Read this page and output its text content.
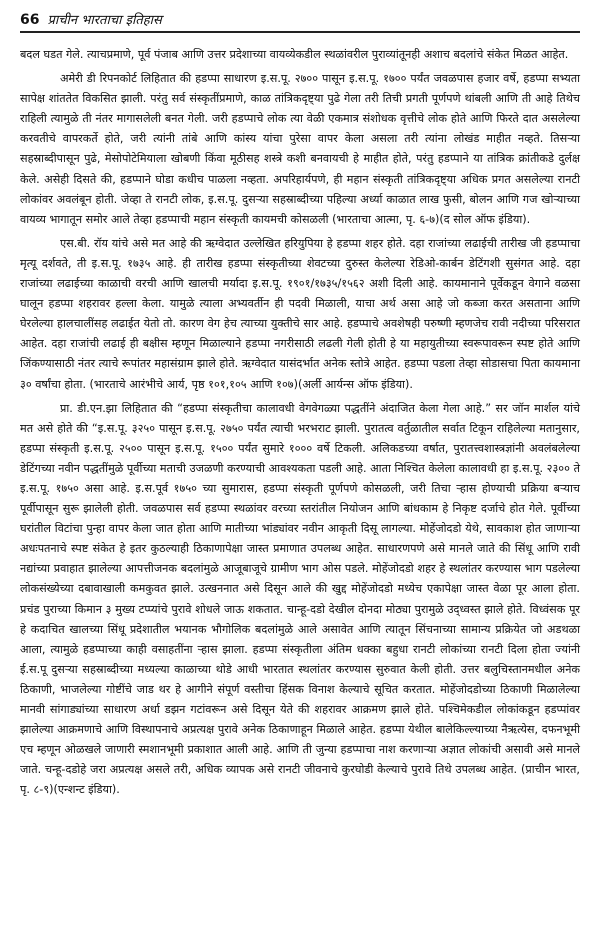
66 प्राचीन भारताचा इतिहास

बदल घडत गेले. त्याचप्रमाणे, पूर्व पंजाब आणि उत्तर प्रदेशाच्या वायव्येकडील स्थळांवरील पुराव्यांतूनही अशाच बदलांचे संकेत मिळत आहेत.

अमेरी डी रिपनकोर्ट लिहितात की हडप्पा साधारण इ.स.पू. २७०० पासून इ.स.पू. १७०० पर्यंत जवळपास हजार वर्षे, हडप्पा सभ्यता सापेक्ष शांततेत विकसित झाली. परंतु सर्व संस्कृतींप्रमाणे, काळ तांत्रिकदृष्ट्या पुढे गेला तरी तिची प्रगती पूर्णपणे थांबली आणि ती आहे तिथेच राहिली त्यामुळे ती नंतर मागासलेली बनत गेली. जरी हडप्पाचे लोक त्या वेळी एकमात्र संशोधक वृत्तीचे लोक होते आणि फिरते दात असलेल्या करवतीचे वापरकर्ते होते, जरी त्यांनी तांबे आणि कांस्य यांचा पुरेसा वापर केला असला तरी त्यांना लोखंड माहीत नव्हते. तिसऱ्या सहस्राब्दीपासून पुढे, मेसोपोटेमियाला खोबणी किंवा मूठीसह शस्त्रे कशी बनवायची हे माहीत होते, परंतु हडप्पाने या तांत्रिक क्रांतीकडे दुर्लक्ष केले. असेही दिसते की, हडप्पाने घोडा कधीच पाळला नव्हता. अपरिहार्यपणे, ही महान संस्कृती तांत्रिकदृष्ट्या अधिक प्रगत असलेल्या रानटी लोकांवर अवलंबून होती. जेव्हा ते रानटी लोक, इ.स.पू. दुसऱ्या सहस्राब्दीच्या पहिल्या अर्ध्या काळात लाख फुसी, बोलन आणि गज खोऱ्याच्या वायव्य भागातून समोर आले तेव्हा हडप्पाची महान संस्कृती कायमची कोसळली (भारताचा आत्मा, पृ. ६-७)(द सोल ऑफ इंडिया).

एस.बी. रॉय यांचे असे मत आहे की ऋग्वेदात उल्लेखित हरियुपिया हे हडप्पा शहर होते. दहा राजांच्या लढाईची तारीख जी हडप्पाचा मृत्यू दर्शवते, ती इ.स.पू. १७३५ आहे. ही तारीख हडप्पा संस्कृतीच्या शेवटच्या दुरुस्त केलेल्या रेडिओ-कार्बन डेटिंगशी सुसंगत आहे. दहा राजांच्या लढाईच्या काळाची वरची आणि खालची मर्यादा इ.स.पू. १९०१/१७३५/१५६२ अशी दिली आहे. कायमानाने पूर्वेकडून वेगाने वळसा घालून हडप्पा शहरावर हल्ला केला. यामुळे त्याला अभ्यवर्तीन ही पदवी मिळाली, याचा अर्थ असा आहे जो कब्जा करत असताना आणि घेरलेल्या हालचालींसह लढाईत येतो तो. कारण वेग हेच त्याच्या युक्तीचे सार आहे. हडप्पाचे अवशेषही परुष्णी म्हणजेच रावी नदीच्या परिसरात आहेत. दहा राजांची लढाई ही बक्षीस म्हणून मिळाल्याने हडप्पा नगरीसाठी लढली गेली होती हे या महायुतीच्या स्वरूपावरून स्पष्ट होते आणि जिंकण्यासाठी नंतर त्याचे रूपांतर महासंग्राम झाले होते. ऋग्वेदात यासंदर्भात अनेक स्तोत्रे आहेत. हडप्पा पडला तेव्हा सोडासचा पिता कायमाना ३० वर्षांचा होता. (भारताचे आरंभीचे आर्य, पृष्ठ १०१,१०५ आणि १०७)(अर्ली आर्यन्स ऑफ इंडिया).

प्रा. डी.एन.झा लिहितात की “हडप्पा संस्कृतीचा कालावधी वेगवेगळ्या पद्धतींने अंदाजित केला गेला आहे.” सर जॉन मार्शल यांचे मत असे होते की “इ.स.पू. ३२५० पासून इ.स.पू. २७५० पर्यंत त्याची भरभराट झाली. पुरातत्व वर्तुळातील सर्वात टिकून राहिलेल्या मतानुसार, हडप्पा संस्कृती इ.स.पू. २५०० पासून इ.स.पू. १५०० पर्यंत सुमारे १००० वर्षे टिकली. अलिकडच्या वर्षात, पुरातत्त्वशास्त्रज्ञांनी अवलंबलेल्या डेटिंगच्या नवीन पद्धतींमुळे पूर्वीच्या मताची उजळणी करण्याची आवश्यकता पडली आहे. आता निश्चित केलेला कालावधी हा इ.स.पू. २३०० ते इ.स.पू. १७५० असा आहे. इ.स.पूर्व १७५० च्या सुमारास, हडप्पा संस्कृती पूर्णपणे कोसळली, जरी तिचा ऱ्हास होण्याची प्रक्रिया बऱ्याच पूर्वीपासून सुरू झालेली होती. जवळपास सर्व हडप्पा स्थळांवर वरच्या स्तरांतील नियोजन आणि बांधकाम हे निकृष्ट दर्जाचे होत गेले. पूर्वीच्या घरांतील विटांचा पुन्हा वापर केला जात होता आणि मातीच्या भांड्यांवर नवीन आकृती दिसू लागल्या. मोहेंजोदडो येथे, सावकाश होत जाणाऱ्या अधःपतनाचे स्पष्ट संकेत हे इतर कुठल्याही ठिकाणापेक्षा जास्त प्रमाणात उपलब्ध आहेत. साधारणपणे असे मानले जाते की सिंधू आणि रावी नद्यांच्या प्रवाहात झालेल्या आपत्तीजनक बदलांमुळे आजूबाजूचे ग्रामीण भाग ओस पडले. मोहेंजोदडो शहर हे स्थलांतर करण्यास भाग पडलेल्या लोकसंख्येच्या दबावाखाली कमकुवत झाले. उत्खननात असे दिसून आले की खुद्द मोहेंजोदडो मध्येच एकापेक्षा जास्त वेळा पूर आला होता. प्रचंड पुराच्या किमान ३ मुख्य टप्प्यांचे पुरावे शोधले जाऊ शकतात. चान्हू-दडो देखील दोनदा मोठ्या पुरामुळे उद्ध्वस्त झाले होते. विध्वंसक पूर हे कदाचित खालच्या सिंधू प्रदेशातील भयानक भौगोलिक बदलांमुळे आले असावेत आणि त्यातून सिंचनाच्या सामान्य प्रक्रियेत जो अडथळा आला, त्यामुळे हडप्पाच्या काही वसाहतींना ऱ्हास झाला. हडप्पा संस्कृतीला अंतिम धक्का बहुधा रानटी लोकांच्या रानटी दिला होता ज्यांनी ई.स.पू दुसऱ्या सहस्राब्दीच्या मध्यल्या काळाच्या थोडे आधी भारतात स्थलांतर करण्यास सुरुवात केली होती. उत्तर बलुचिस्तानमधील अनेक ठिकाणी, भाजलेल्या गोष्टींचे जाड थर हे आगीने संपूर्ण वस्तीचा हिंसक विनाश केल्याचे सूचित करतात. मोहेंजोदडोच्या ठिकाणी मिळालेल्या मानवी सांगाड्यांच्या साधारण अर्धा डझन गटांवरून असे दिसून येते की शहरावर आक्रमण झाले होते. पश्चिमेकडील लोकांकडून हडप्पांवर झालेल्या आक्रमणाचे आणि विस्थापनाचे अप्रत्यक्ष पुरावे अनेक ठिकाणाहून मिळाले आहेत. हडप्पा येथील बालेकिल्ल्याच्या नैऋत्येस, दफनभूमी एच म्हणून ओळखले जाणारी स्मशानभूमी प्रकाशात आली आहे. आणि ती जुन्या हडप्पाचा नाश करणाऱ्या अज्ञात लोकांची असावी असे मानले जाते. चन्हू-दडोहे जरा अप्रत्यक्ष असले तरी, अधिक व्यापक असे रानटी जीवनाचे कुरघोडी केल्याचे पुरावे तिथे उपलब्ध आहेत. (प्राचीन भारत, पृ. ८-९)(एन्शन्ट इंडिया).
